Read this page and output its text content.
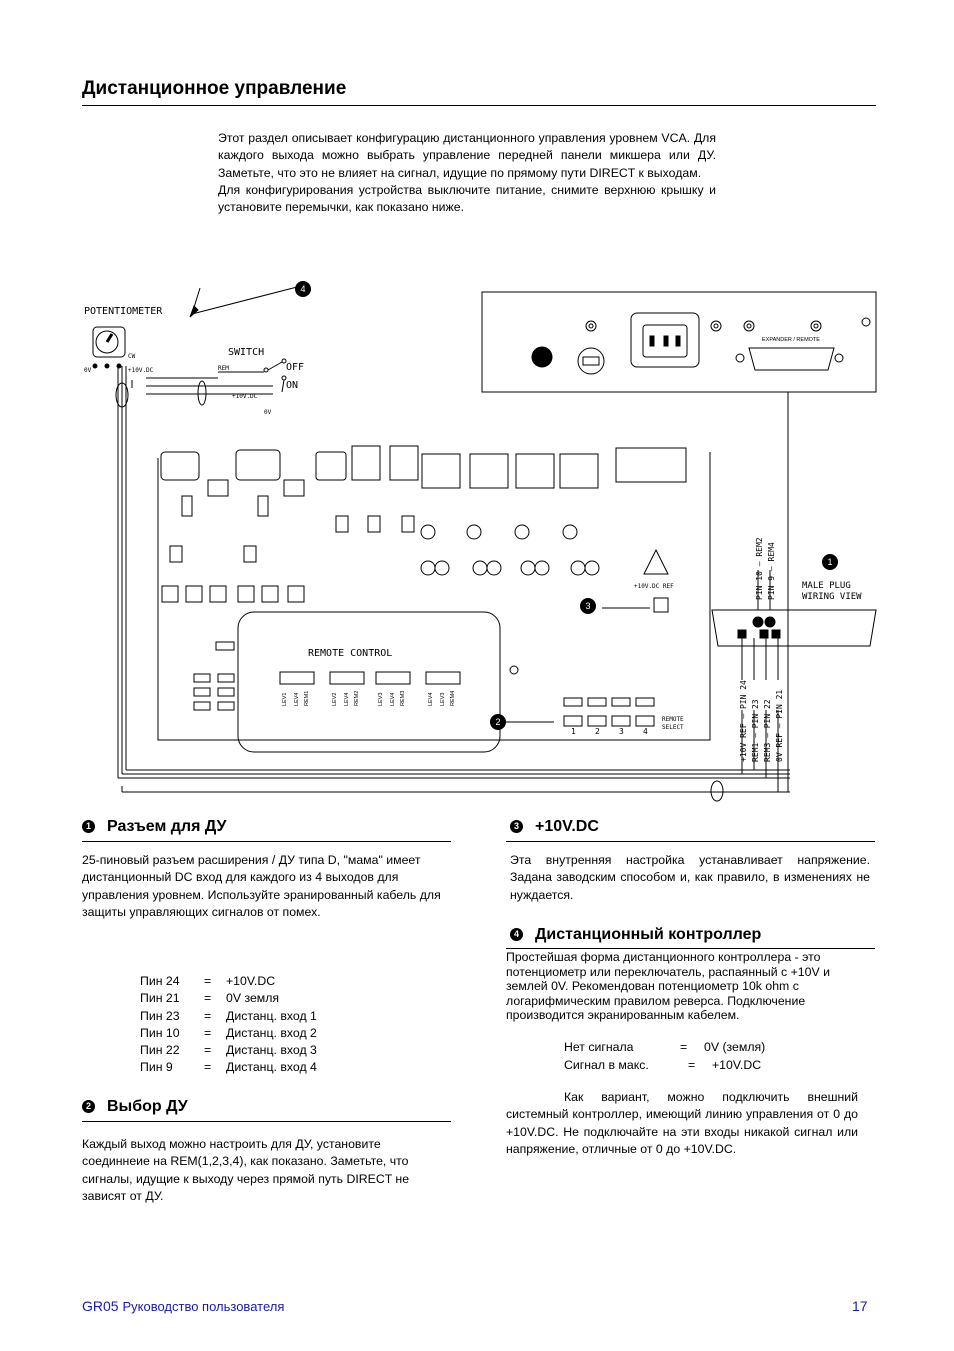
Дистанционное управление

Этот раздел описывает конфигурацию дистанционного управления уровнем VCA. Для каждого выхода можно выбрать управление передней панели микшера или ДУ. Заметьте, что это не влияет на сигнал, идущие по прямому пути DIRECT к выходам.

Для конфигурирования устройства выключите питание, снимите верхнюю крышку и установите перемычки, как показано ниже.

4
1
3
2
POTENTIOMETER
CW
0V	+10V.DC
SWITCH
OFF
ON
REM
+10V.DC
0V
EXPANDER / REMOTE
REMOTE CONTROL
+10V.DC REF
REMOTE
SELECT
1 2 3 4
MALE PLUG
WIRING VIEW
LEV1 LEV4 REM1	LEV2 LEV4 REM2	LEV3 LEV4 REM3	LEV4 LEV3 REM4
PIN 10 — REM2 PIN 9 — REM4
+10V REF — PIN 24 REM1 — PIN 23 REM3 — PIN 22 0V REF — PIN 21
1 Разъем для ДУ
25-пиновый разъем расширения / ДУ типа D, "мама" имеет дистанционный DC вход для каждого из 4 выходов для управления уровнем. Используйте эранированный кабель для защиты управляющих сигналов от помех.
Пин 24	=	+10V.DC
Пин 21	=	0V земля
Пин 23	=	Дистанц. вход 1
Пин 10	=	Дистанц. вход 2
Пин 22	=	Дистанц. вход 3
Пин 9	=	Дистанц. вход 4
2 Выбор ДУ
Каждый выход можно настроить для ДУ, установите соединнеие на REM(1,2,3,4), как показано. Заметьте, что сигналы, идущие к выходу через прямой путь DIRECT не зависят от ДУ.
3 +10V.DC
Эта внутренняя настройка устанавливает напряжение. Задана заводским способом и, как правило, в изменениях не нуждается.
4 Дистанционный контроллер
Простейшая форма дистанционного контроллера - это потенциометр или переключатель, распаянный с +10V и землей 0V. Рекомендован потенциометр 10k ohm с логарифмическим правилом реверса. Подключение производится экранированным кабелем.
Нет сигнала	= 0V (земля)
Сигнал в макс.	= +10V.DC
Как вариант, можно подключить внешний системный контроллер, имеющий линию управления от 0 до +10V.DC. Не подключайте на эти входы никакой сигнал или напряжение, отличные от 0 до +10V.DC.
GR05 Руководство пользователя	17
